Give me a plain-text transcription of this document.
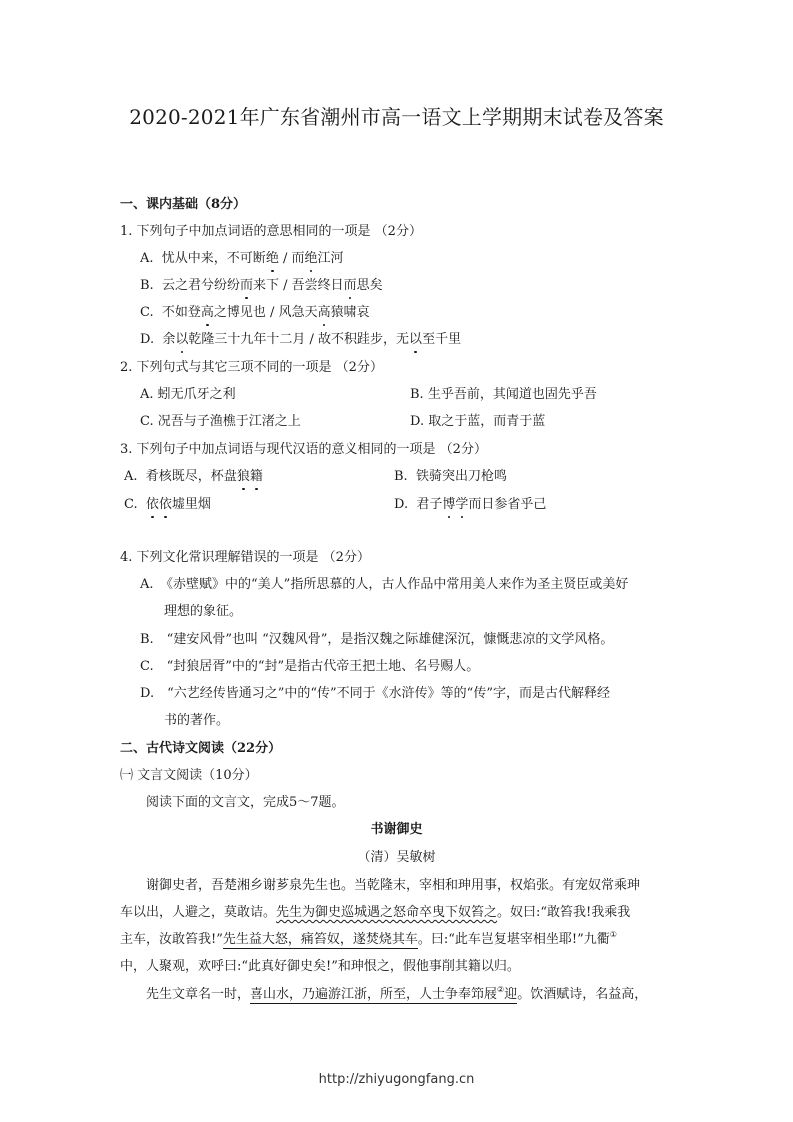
2020-2021年广东省潮州市高一语文上学期期末试卷及答案
一、课内基础（8分）
1. 下列句子中加点词语的意思相同的一项是 （2分）
A. 忧从中来，不可断绝 / 而绝江河
B. 云之君兮纷纷而来下 / 吾尝终日而思矣
C. 不如登高之博见也 / 风急天高猿啸哀
D. 余以乾隆三十九年十二月 / 故不积跬步，无以至千里
2. 下列句式与其它三项不同的一项是 （2分）
A. 蚓无爪牙之利	B. 生乎吾前，其闻道也固先乎吾
C. 况吾与子渔樵于江渚之上	D. 取之于蓝，而青于蓝
3. 下列句子中加点词语与现代汉语的意义相同的一项是 （2分）
A. 肴核既尽，杯盘狼籍	B. 铁骑突出刀枪鸣
C. 依依墟里烟	D. 君子博学而日参省乎己
4. 下列文化常识理解错误的一项是 （2分）
A.　《赤壁赋》中的“美人”指所思慕的人，古人作品中常用美人来作为圣主贤臣或美好
理想的象征。
B.　“建安风骨”也叫 “汉魏风骨”，是指汉魏之际雄健深沉，慷慨悲凉的文学风格。
C.　“封狼居胥”中的“封”是指古代帝王把土地、名号赐人。
D.　“六艺经传皆通习之”中的“传”不同于《水浒传》等的“传”字，而是古代解释经
书的著作。
二、古代诗文阅读（22分）
㈠ 文言文阅读（10分）
阅读下面的文言文，完成5～7题。
书谢御史
（清）吴敏树
谢御史者，吾楚湘乡谢芗泉先生也。当乾隆末，宰相和珅用事，权焰张。有宠奴常乘珅
车以出，人避之，莫敢诘。先生为御史巡城遇之怒命卒曳下奴笞之。奴曰:“敢笞我!我乘我
主车，汝敢笞我!”先生益大怒，痛笞奴，遂焚烧其车。曰:“此车岂复堪宰相坐耶!”九衢①
中，人聚观，欢呼曰:“此真好御史矣!”和珅恨之，假他事削其籍以归。
先生文章名一时，喜山水，乃遍游江浙，所至，人士争奉笻屐②迎。饮酒赋诗，名益高，
http://zhiyugongfang.cn
